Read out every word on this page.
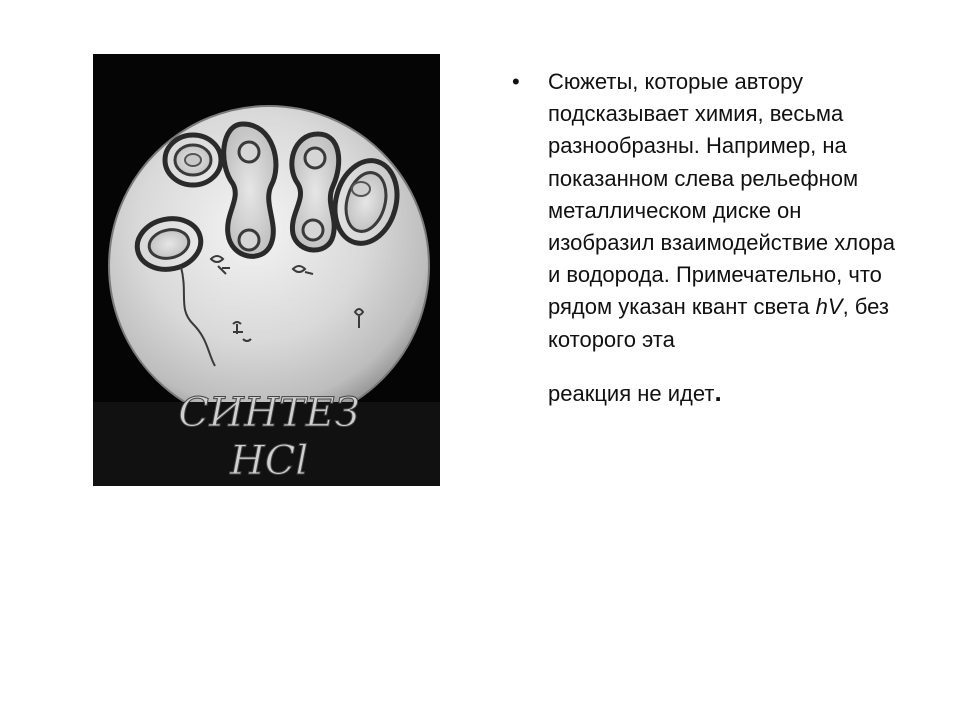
СИНТЕЗ
HCl
• Сюжеты, которые автору подсказывает химия, весьма разнообразны. Например, на показанном слева рельефном металлическом диске он изобразил взаимодействие хлора и водорода. Примечательно, что рядом указан квант света hV, без которого эта
реакция не идет.
